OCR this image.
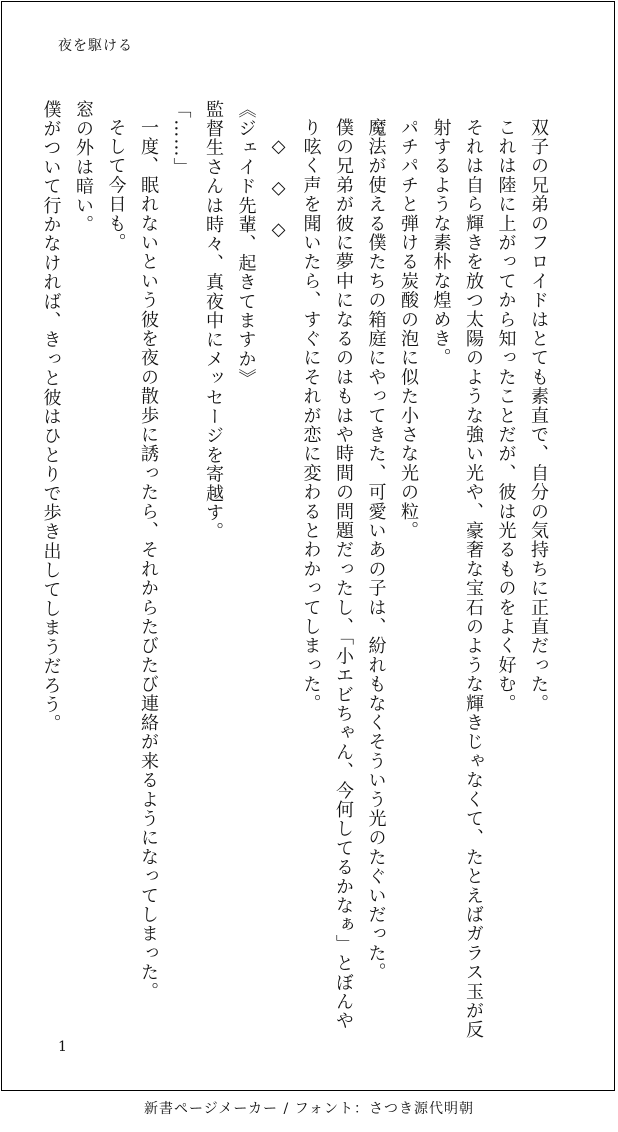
夜を駆ける

双子の兄弟のフロイドはとても素直で、自分の気持ちに正直だった。

これは陸に上がってから知ったことだが、彼は光るものをよく好む。

それは自ら輝きを放つ太陽のような強い光や、豪奢な宝石のような輝きじゃなくて、たとえばガラス玉が反射するような素朴な煌めき。

パチパチと弾ける炭酸の泡に似た小さな光の粒。

魔法が使える僕たちの箱庭にやってきた、可愛いあの子は、紛れもなくそういう光のたぐいだった。

僕の兄弟が彼に夢中になるのはもはや時間の問題だったし、「小エビちゃん、今何してるかなぁ」とぼんやり呟く声を聞いたら、すぐにそれが恋に変わるとわかってしまった。

◇　◇　◇

《ジェイド先輩、起きてますか》

監督生さんは時々、真夜中にメッセージを寄越す。

「……」

一度、眠れないという彼を夜の散歩に誘ったら、それからたびたび連絡が来るようになってしまった。

そして今日も。

窓の外は暗い。

僕がついて行かなければ、きっと彼はひとりで歩き出してしまうだろう。

1
新書ページメーカー / フォント：さつき源代明朝
